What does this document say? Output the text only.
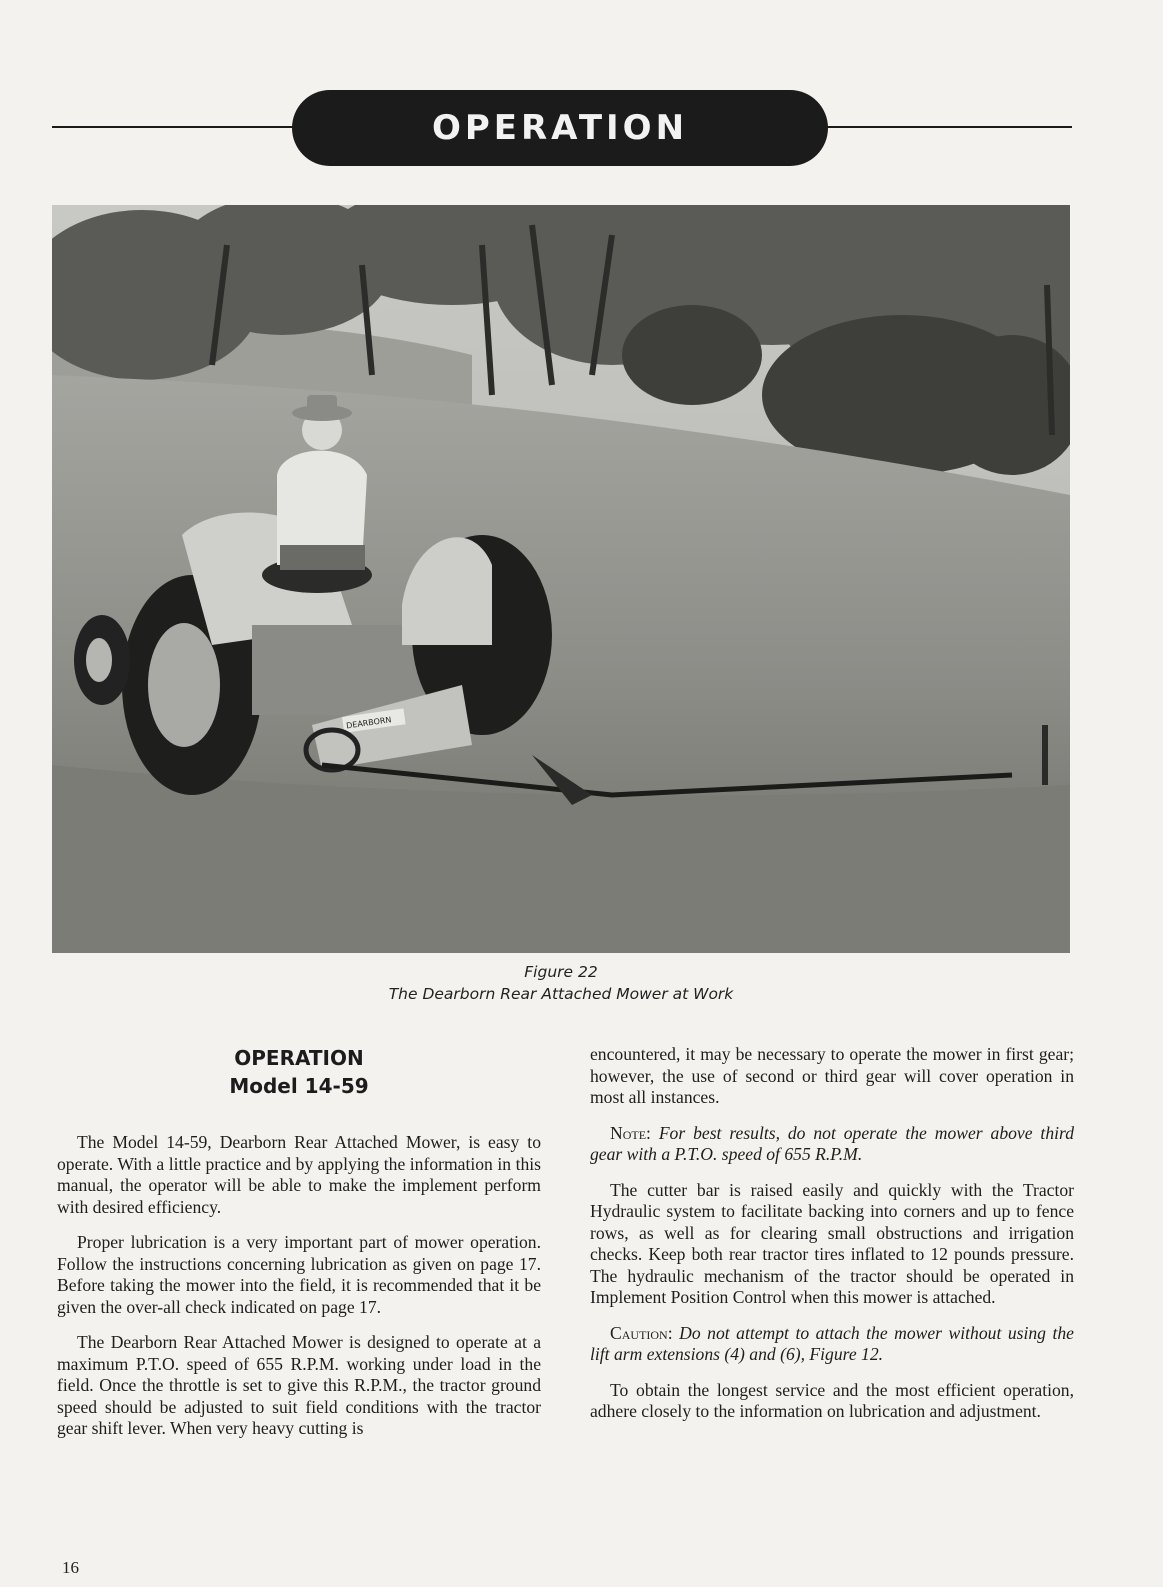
OPERATION
DEARBORN
Figure 22
The Dearborn Rear Attached Mower at Work
OPERATION
Model 14-59

The Model 14-59, Dearborn Rear Attached Mower, is easy to operate. With a little practice and by applying the information in this manual, the operator will be able to make the implement perform with desired efficiency.

Proper lubrication is a very important part of mower operation. Follow the instructions concerning lubrication as given on page 17. Before taking the mower into the field, it is recommended that it be given the over-all check indicated on page 17.

The Dearborn Rear Attached Mower is designed to operate at a maximum P.T.O. speed of 655 R.P.M. working under load in the field. Once the throttle is set to give this R.P.M., the tractor ground speed should be adjusted to suit field conditions with the tractor gear shift lever. When very heavy cutting is

encountered, it may be necessary to operate the mower in first gear; however, the use of second or third gear will cover operation in most all instances.

Note: For best results, do not operate the mower above third gear with a P.T.O. speed of 655 R.P.M.

The cutter bar is raised easily and quickly with the Tractor Hydraulic system to facilitate backing into corners and up to fence rows, as well as for clearing small obstructions and irrigation checks. Keep both rear tractor tires inflated to 12 pounds pressure. The hydraulic mechanism of the tractor should be operated in Implement Position Control when this mower is attached.

Caution: Do not attempt to attach the mower without using the lift arm extensions (4) and (6), Figure 12.

To obtain the longest service and the most efficient operation, adhere closely to the information on lubrication and adjustment.

16
